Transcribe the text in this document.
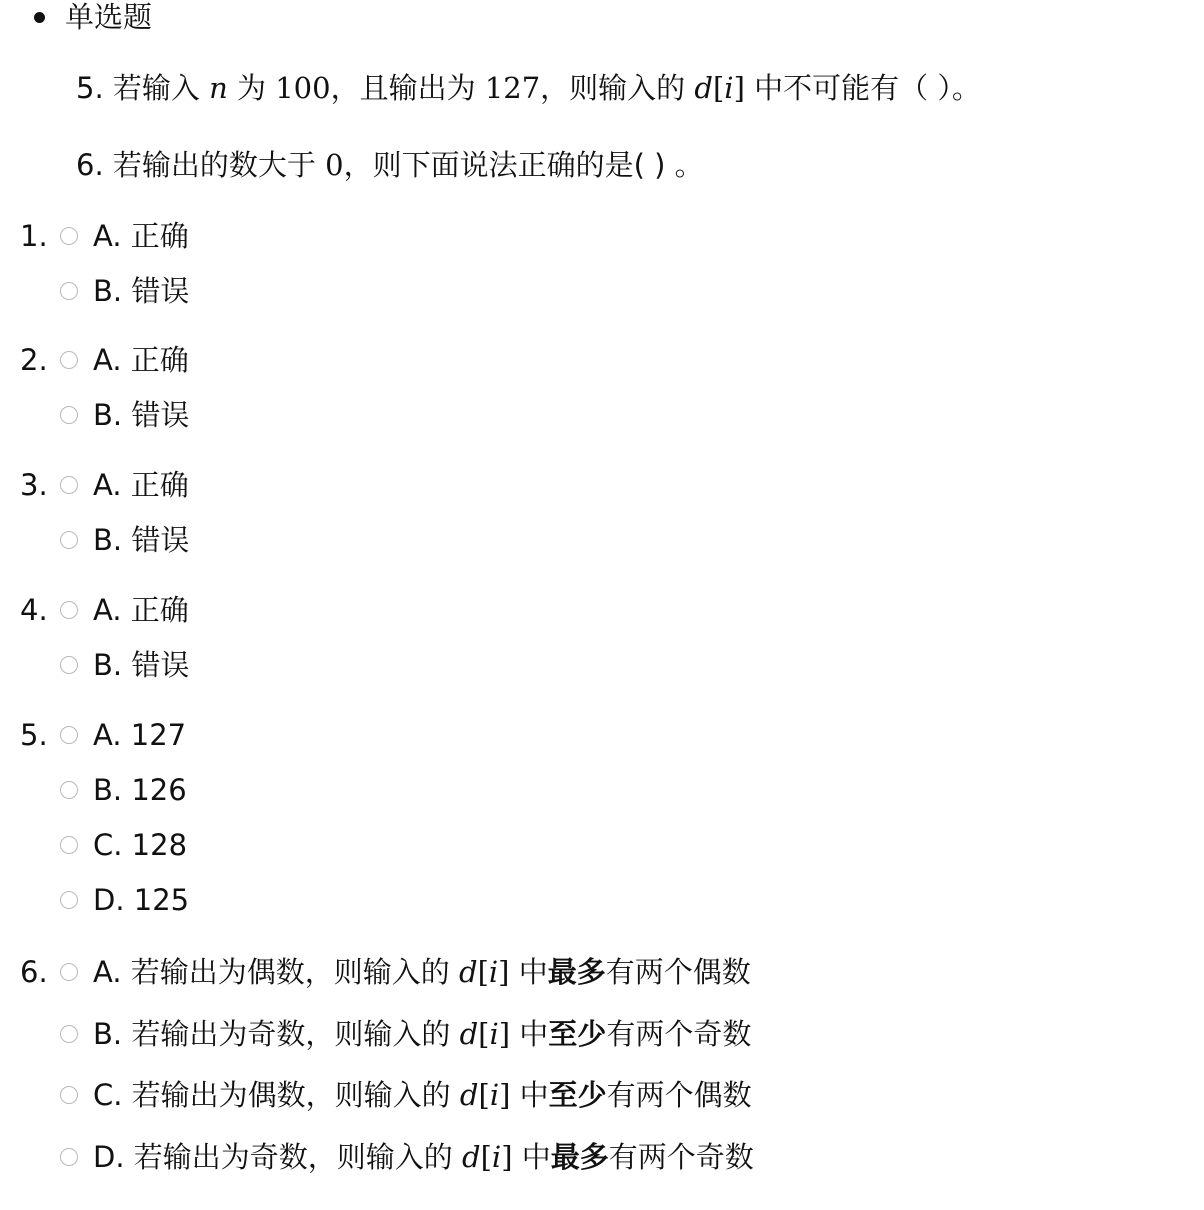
单选题
5. 若输入 n 为 100，且输出为 127，则输入的 d[i] 中不可能有（ ）。
6. 若输出的数大于 0，则下面说法正确的是( ) 。
1.	A. 正确
B. 错误
2.	A. 正确
B. 错误
3.	A. 正确
B. 错误
4.	A. 正确
B. 错误
5.	A. 127
B. 126
C. 128
D. 125
6.	A. 若输出为偶数，则输入的 d[i] 中最多有两个偶数
B. 若输出为奇数，则输入的 d[i] 中至少有两个奇数
C. 若输出为偶数，则输入的 d[i] 中至少有两个偶数
D. 若输出为奇数，则输入的 d[i] 中最多有两个奇数
